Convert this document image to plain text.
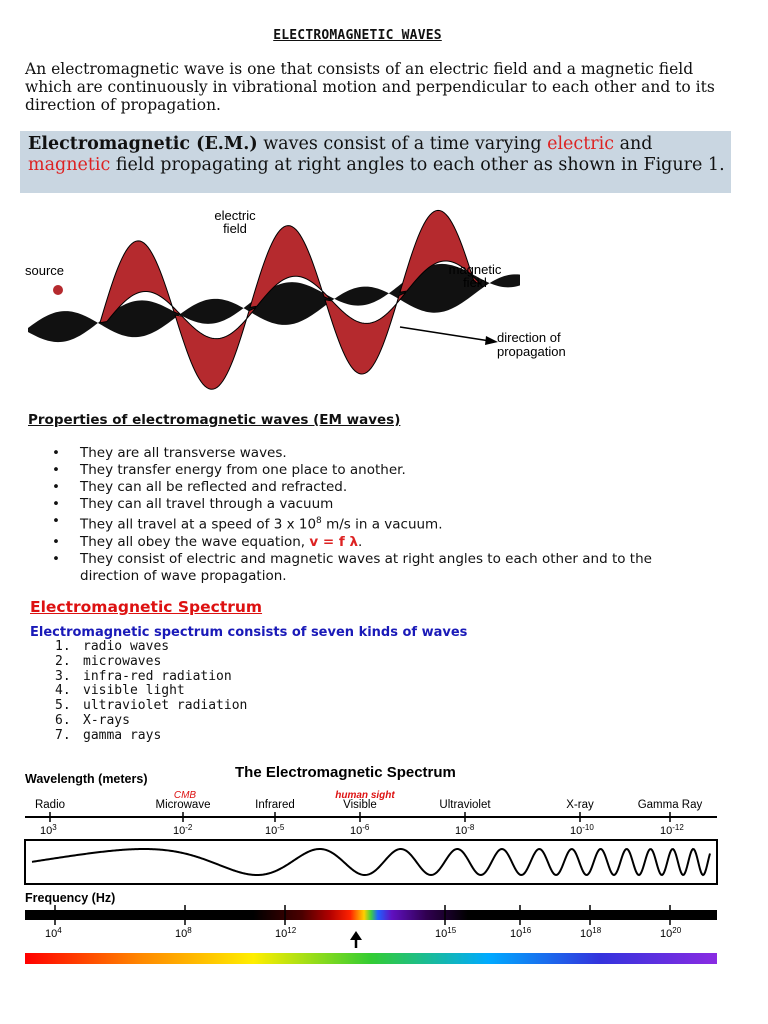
ELECTROMAGNETIC WAVES
An electromagnetic wave is one that consists of an electric field and a magnetic field which are continuously in vibrational motion and perpendicular to each other and to its direction of propagation.
Electromagnetic (E.M.) waves consist of a time varying electric and magnetic field propagating at right angles to each other as shown in Figure 1.
electric
field
source	magnetic
field
direction of
propagation
Properties of electromagnetic waves (EM waves)
• They are all transverse waves.
• They transfer energy from one place to another.
• They can all be reflected and refracted.
• They can all travel through a vacuum
• They all travel at a speed of 3 x $10^8$ m/s in a vacuum.
• They all obey the wave equation, v = f λ.
• They consist of electric and magnetic waves at right angles to each other and to the direction of wave propagation.
Electromagnetic Spectrum
Electromagnetic spectrum consists of seven kinds of waves
1. radio waves
2. microwaves
3. infra-red radiation
4. visible light
5. ultraviolet radiation
6. X-rays
7. gamma rays
Wavelength (meters)	The Electromagnetic Spectrum
CMB	human sight
Radio	Microwave	Infrared	Visible	Ultraviolet	X-ray	Gamma Ray
$10^3$	$10^{-2}$	$10^{-5}$	$10^{-6}$	$10^{-8}$	$10^{-10}$	$10^{-12}$
Frequency (Hz)
$10^4$	$10^8$	$10^{12}$	$10^{15}$	$10^{16}$	$10^{18}$	$10^{20}$
